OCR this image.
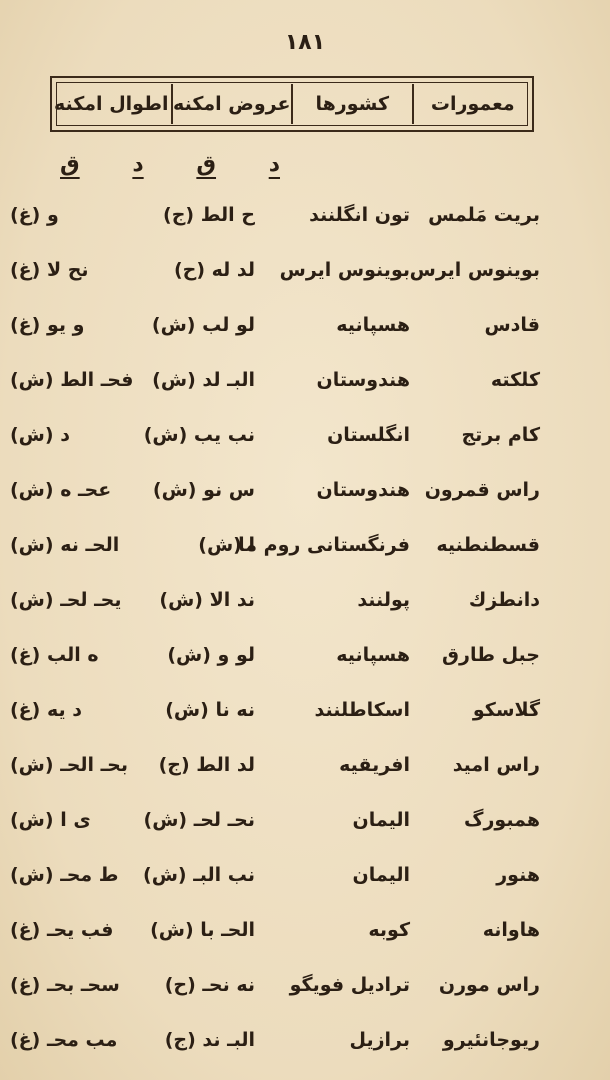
١٨١
معمورات
کشورها
عروض امکنه
اطوال امکنه
د
ق
د
ق
بریت مَلمس
تون انگلنند
ح الط (ج)
و (غ)
بوینوس ایرس
بوینوس ایرس
لد له (ح)
نح لا (غ)
قادس
هسپانیه
لو لب (ش)
و یو (غ)
کلکته
هندوستان
البـ لد (ش)
فحـ الط (ش)
کام برتج
انگلستان
نب یب (ش)
د (ش)
راس قمرون
هندوستان
س نو (ش)
عحـ ه (ش)
قسطنطنیه
فرنگستانی روم ما
ا (ش)
الحـ نه (ش)
دانطزك
پولنند
ند الا (ش)
یحـ لحـ (ش)
جبل طارق
هسپانیه
لو و (ش)
ه الب (غ)
گلاسکو
اسکاطلنند
نه نا (ش)
د یه (غ)
راس امید
افریقیه
لد الط (ج)
بحـ الحـ (ش)
همبورگ
الیمان
نحـ لحـ (ش)
ی ا (ش)
هنور
الیمان
نب البـ (ش)
ط محـ (ش)
هاوانه
کوبه
الحـ با (ش)
فب یحـ (غ)
راس مورن
ترادیل فویگو
نه نحـ (ح)
سحـ بحـ (غ)
ریوجانئیرو
برازیل
البـ ند (ج)
مب محـ (غ)
